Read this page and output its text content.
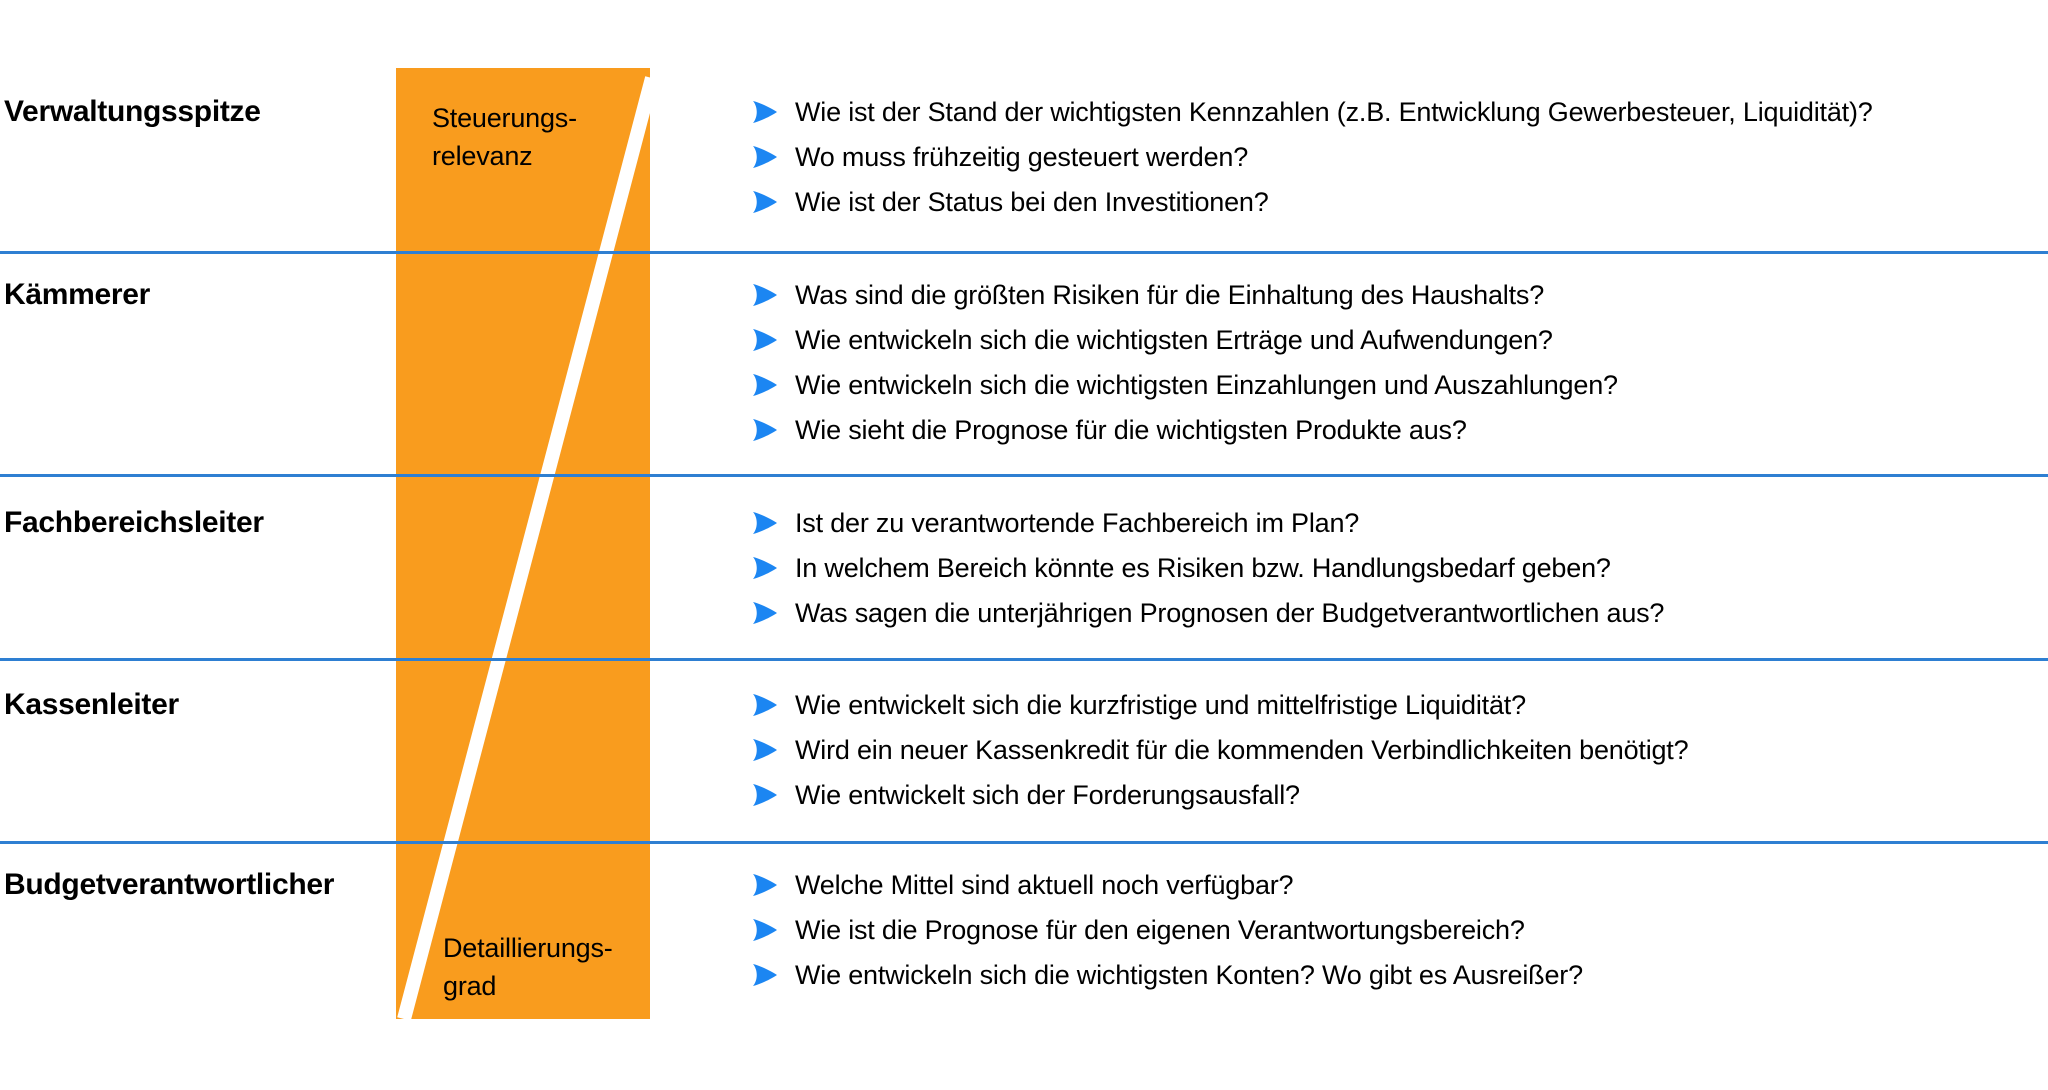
Steuerungs-
relevanz
Detaillierungs-
grad
Verwaltungsspitze	Wie ist der Stand der wichtigsten Kennzahlen (z.B. Entwicklung Gewerbesteuer, Liquidität)?
Wo muss frühzeitig gesteuert werden?
Wie ist der Status bei den Investitionen?
Kämmerer	Was sind die größten Risiken für die Einhaltung des Haushalts?
Wie entwickeln sich die wichtigsten Erträge und Aufwendungen?
Wie entwickeln sich die wichtigsten Einzahlungen und Auszahlungen?
Wie sieht die Prognose für die wichtigsten Produkte aus?
Fachbereichsleiter	Ist der zu verantwortende Fachbereich im Plan?
In welchem Bereich könnte es Risiken bzw. Handlungsbedarf geben?
Was sagen die unterjährigen Prognosen der Budgetverantwortlichen aus?
Kassenleiter	Wie entwickelt sich die kurzfristige und mittelfristige Liquidität?
Wird ein neuer Kassenkredit für die kommenden Verbindlichkeiten benötigt?
Wie entwickelt sich der Forderungsausfall?
Budgetverantwortlicher	Welche Mittel sind aktuell noch verfügbar?
Wie ist die Prognose für den eigenen Verantwortungsbereich?
Wie entwickeln sich die wichtigsten Konten? Wo gibt es Ausreißer?
